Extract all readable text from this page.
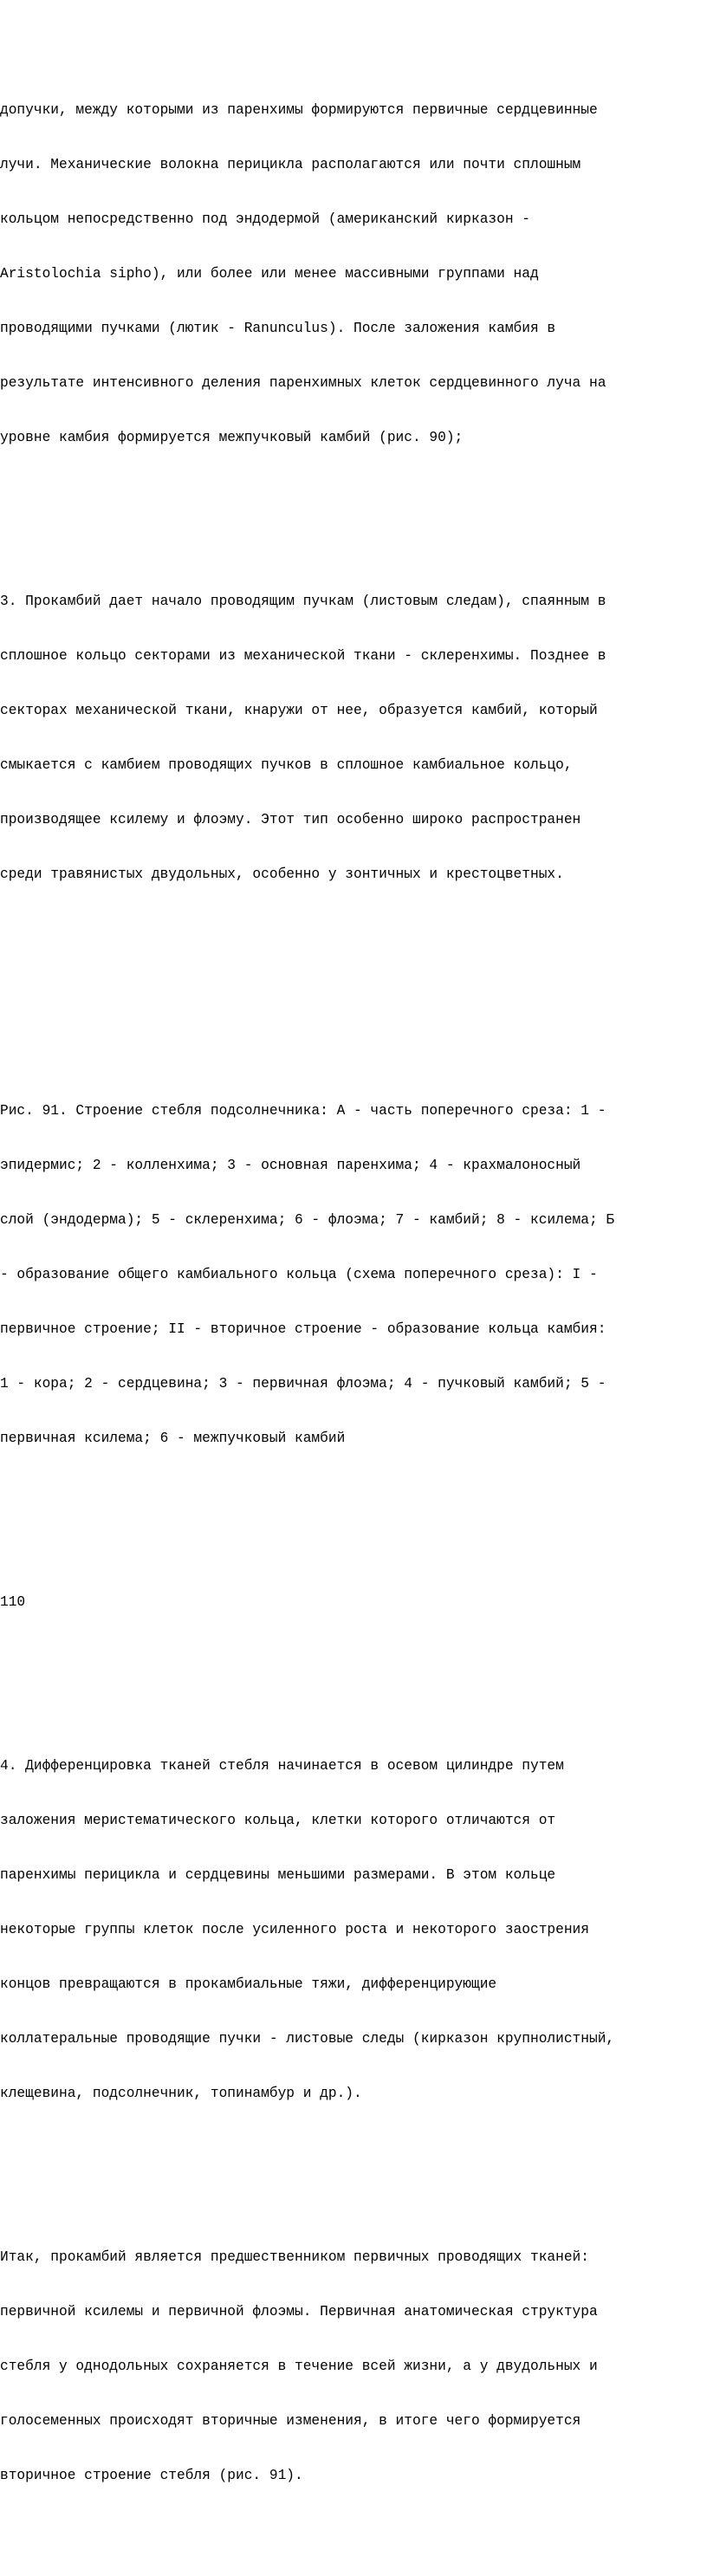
допучки, между которыми из паренхимы формируются первичные сердцевинные

лучи. Механические волокна перицикла располагаются или почти сплошным

кольцом непосредственно под эндодермой (американский кирказон -

Aristolochia sipho), или более или менее массивными группами над

проводящими пучками (лютик - Ranunculus). После заложения камбия в

результате интенсивного деления паренхимных клеток сердцевинного луча на

уровне камбия формируется межпучковый камбий (рис. 90);

3. Прокамбий дает начало проводящим пучкам (листовым следам), спаянным в

сплошное кольцо секторами из механической ткани - склеренхимы. Позднее в

секторах механической ткани, кнаружи от нее, образуется камбий, который

смыкается с камбием проводящих пучков в сплошное камбиальное кольцо,

производящее ксилему и флоэму. Этот тип особенно широко распространен

среди травянистых двудольных, особенно у зонтичных и крестоцветных.

Рис. 91. Строение стебля подсолнечника: А - часть поперечного среза: 1 -

эпидермис; 2 - колленхима; 3 - основная паренхима; 4 - крахмалоносный

слой (эндодерма); 5 - склеренхима; 6 - флоэма; 7 - камбий; 8 - ксилема; Б

- образование общего камбиального кольца (схема поперечного среза): I -

первичное строение; II - вторичное строение - образование кольца камбия:

1 - кора; 2 - сердцевина; 3 - первичная флоэма; 4 - пучковый камбий; 5 -

первичная ксилема; 6 - межпучковый камбий

110

4. Дифференцировка тканей стебля начинается в осевом цилиндре путем

заложения меристематического кольца, клетки которого отличаются от

паренхимы перицикла и сердцевины меньшими размерами. В этом кольце

некоторые группы клеток после усиленного роста и некоторого заострения

концов превращаются в прокамбиальные тяжи, дифференцирующие

коллатеральные проводящие пучки - листовые следы (кирказон крупнолистный,

клещевина, подсолнечник, топинамбур и др.).

Итак, прокамбий является предшественником первичных проводящих тканей:

первичной ксилемы и первичной флоэмы. Первичная анатомическая структура

стебля у однодольных сохраняется в течение всей жизни, а у двудольных и

голосеменных происходят вторичные изменения, в итоге чего формируется

вторичное строение стебля (рис. 91).
